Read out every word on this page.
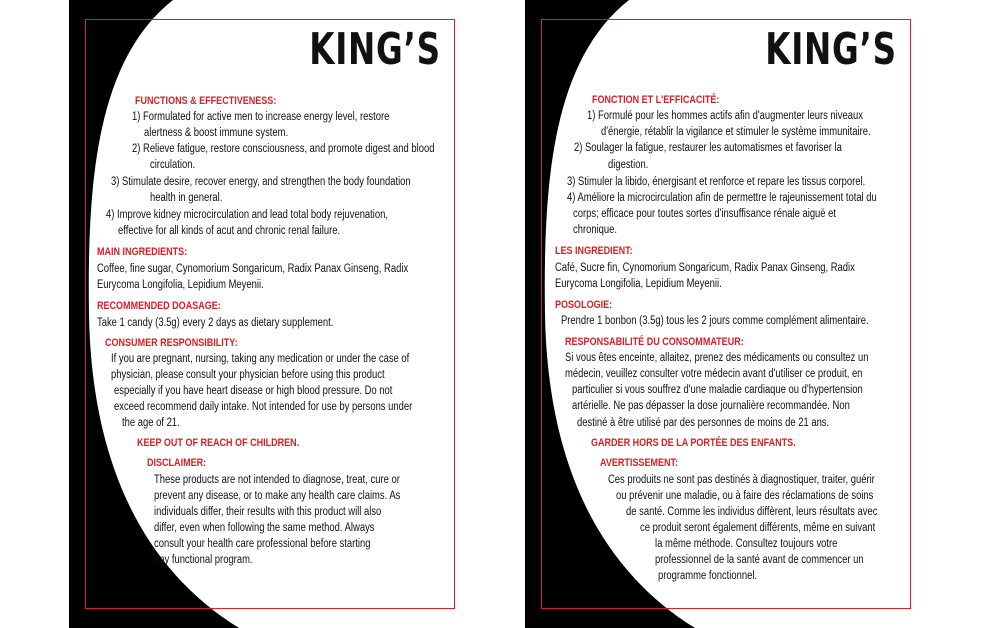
KING’S
FUNCTIONS & EFFECTIVENESS:
1) Formulated for active men to increase energy level, restore
alertness & boost immune system.
2) Relieve fatigue, restore consciousness, and promote digest and blood
circulation.
3) Stimulate desire, recover energy, and strengthen the body foundation
health in general.
4) Improve kidney microcirculation and lead total body rejuvenation,
effective for all kinds of acut and chronic renal failure.
MAIN INGREDIENTS:
Coffee, fine sugar, Cynomorium Songaricum, Radix Panax Ginseng, Radix
Eurycoma Longifolia, Lepidium Meyenii.
RECOMMENDED DOASAGE:
Take 1 candy (3.5g) every 2 days as dietary supplement.
CONSUMER RESPONSIBILITY:
If you are pregnant, nursing, taking any medication or under the case of
physician, please consult your physician before using this product
especially if you have heart disease or high blood pressure. Do not
exceed recommend daily intake. Not intended for use by persons under
the age of 21.
KEEP OUT OF REACH OF CHILDREN.
DISCLAIMER:
These products are not intended to diagnose, treat, cure or
prevent any disease, or to make any health care claims. As
individuals differ, their results with this product will also
differ, even when following the same method. Always
consult your health care professional before starting
any functional program.
KING’S
FONCTION ET L'EFFICACITÉ:
1) Formulé pour les hommes actifs afin d'augmenter leurs niveaux
d'énergie, rétablir la vigilance et stimuler le système immunitaire.
2) Soulager la fatigue, restaurer les automatismes et favoriser la
digestion.
3) Stimuler la libido, énergisant et renforce et repare les tissus corporel.
4) Améliore la microcirculation afin de permettre le rajeunissement total du
corps; efficace pour toutes sortes d'insuffisance rénale aiguë et
chronique.
LES INGREDIENT:
Café, Sucre fin, Cynomorium Songaricum, Radix Panax Ginseng, Radix
Eurycoma Longifolia, Lepidium Meyenii.
POSOLOGIE:
Prendre 1 bonbon (3.5g) tous les 2 jours comme complément alimentaire.
RESPONSABILITÉ DU CONSOMMATEUR:
Si vous êtes enceinte, allaitez, prenez des médicaments ou consultez un
médecin, veuillez consulter votre médecin avant d'utiliser ce produit, en
particulier si vous souffrez d'une maladie cardiaque ou d'hypertension
artérielle. Ne pas dépasser la dose journalière recommandée. Non
destiné à être utilisé par des personnes de moins de 21 ans.
GARDER HORS DE LA PORTÉE DES ENFANTS.
AVERTISSEMENT:
Ces produits ne sont pas destinés à diagnostiquer, traiter, guérir
ou prévenir une maladie, ou à faire des réclamations de soins
de santé. Comme les individus diffèrent, leurs résultats avec
ce produit seront également différents, même en suivant
la même méthode. Consultez toujours votre
professionnel de la santé avant de commencer un
programme fonctionnel.
